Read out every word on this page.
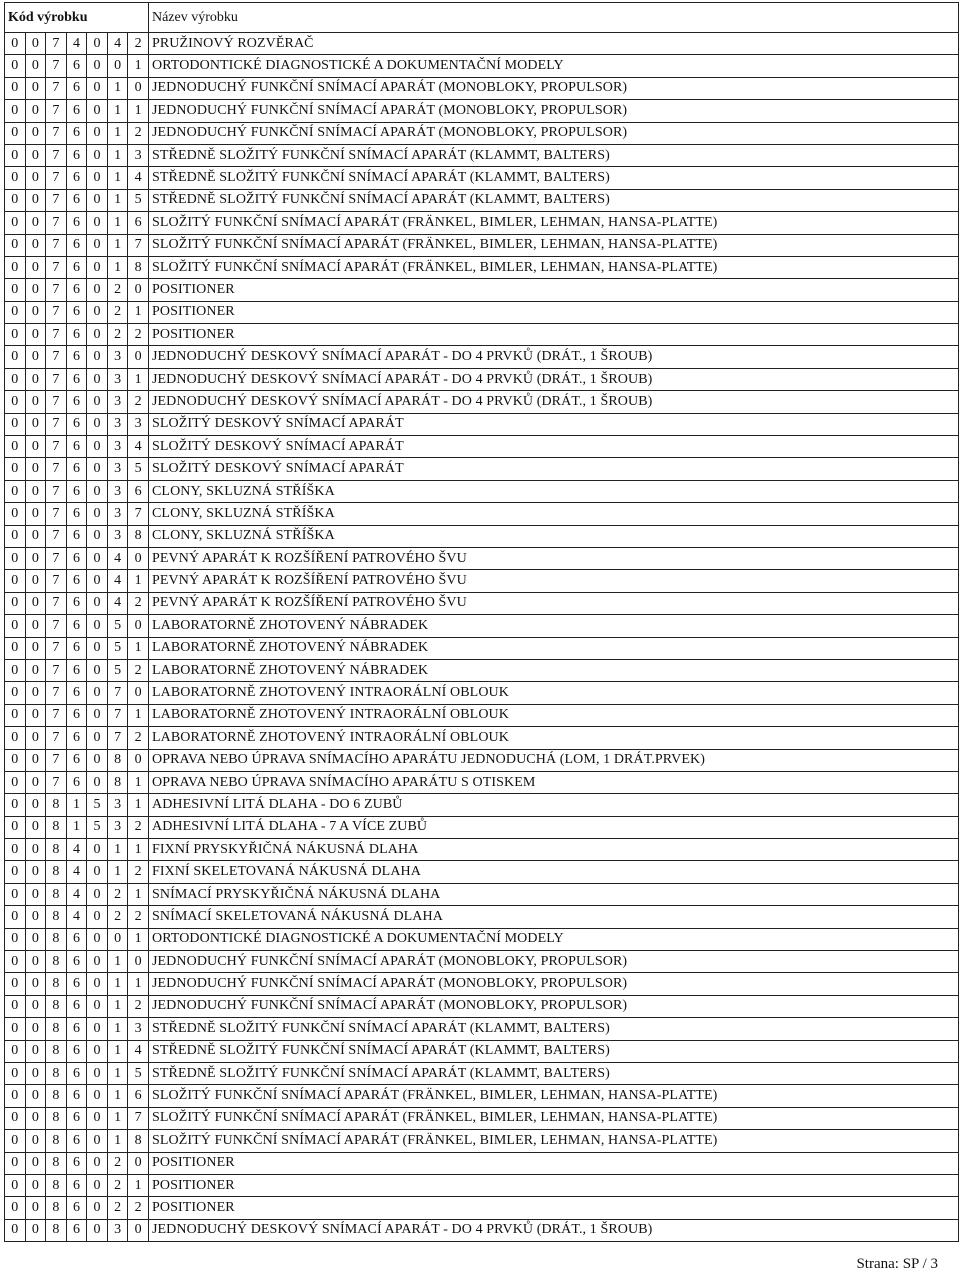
Kód výrobku							Název výrobku
0	0	7	4	0	4	2	PRUŽINOVÝ ROZVĚRAČ
0	0	7	6	0	0	1	ORTODONTICKÉ DIAGNOSTICKÉ A DOKUMENTAČNÍ MODELY
0	0	7	6	0	1	0	JEDNODUCHÝ FUNKČNÍ SNÍMACÍ APARÁT (MONOBLOKY, PROPULSOR)
0	0	7	6	0	1	1	JEDNODUCHÝ FUNKČNÍ SNÍMACÍ APARÁT (MONOBLOKY, PROPULSOR)
0	0	7	6	0	1	2	JEDNODUCHÝ FUNKČNÍ SNÍMACÍ APARÁT (MONOBLOKY, PROPULSOR)
0	0	7	6	0	1	3	STŘEDNĚ SLOŽITÝ FUNKČNÍ SNÍMACÍ APARÁT (KLAMMT, BALTERS)
0	0	7	6	0	1	4	STŘEDNĚ SLOŽITÝ FUNKČNÍ SNÍMACÍ APARÁT (KLAMMT, BALTERS)
0	0	7	6	0	1	5	STŘEDNĚ SLOŽITÝ FUNKČNÍ SNÍMACÍ APARÁT (KLAMMT, BALTERS)
0	0	7	6	0	1	6	SLOŽITÝ FUNKČNÍ SNÍMACÍ APARÁT (FRÄNKEL, BIMLER, LEHMAN, HANSA-PLATTE)
0	0	7	6	0	1	7	SLOŽITÝ FUNKČNÍ SNÍMACÍ APARÁT (FRÄNKEL, BIMLER, LEHMAN, HANSA-PLATTE)
0	0	7	6	0	1	8	SLOŽITÝ FUNKČNÍ SNÍMACÍ APARÁT (FRÄNKEL, BIMLER, LEHMAN, HANSA-PLATTE)
0	0	7	6	0	2	0	POSITIONER
0	0	7	6	0	2	1	POSITIONER
0	0	7	6	0	2	2	POSITIONER
0	0	7	6	0	3	0	JEDNODUCHÝ DESKOVÝ SNÍMACÍ APARÁT - DO 4 PRVKŮ (DRÁT., 1 ŠROUB)
0	0	7	6	0	3	1	JEDNODUCHÝ DESKOVÝ SNÍMACÍ APARÁT - DO 4 PRVKŮ (DRÁT., 1 ŠROUB)
0	0	7	6	0	3	2	JEDNODUCHÝ DESKOVÝ SNÍMACÍ APARÁT - DO 4 PRVKŮ (DRÁT., 1 ŠROUB)
0	0	7	6	0	3	3	SLOŽITÝ DESKOVÝ SNÍMACÍ APARÁT
0	0	7	6	0	3	4	SLOŽITÝ DESKOVÝ SNÍMACÍ APARÁT
0	0	7	6	0	3	5	SLOŽITÝ DESKOVÝ SNÍMACÍ APARÁT
0	0	7	6	0	3	6	CLONY, SKLUZNÁ STŘÍŠKA
0	0	7	6	0	3	7	CLONY, SKLUZNÁ STŘÍŠKA
0	0	7	6	0	3	8	CLONY, SKLUZNÁ STŘÍŠKA
0	0	7	6	0	4	0	PEVNÝ APARÁT K ROZŠÍŘENÍ PATROVÉHO ŠVU
0	0	7	6	0	4	1	PEVNÝ APARÁT K ROZŠÍŘENÍ PATROVÉHO ŠVU
0	0	7	6	0	4	2	PEVNÝ APARÁT K ROZŠÍŘENÍ PATROVÉHO ŠVU
0	0	7	6	0	5	0	LABORATORNĚ ZHOTOVENÝ NÁBRADEK
0	0	7	6	0	5	1	LABORATORNĚ ZHOTOVENÝ NÁBRADEK
0	0	7	6	0	5	2	LABORATORNĚ ZHOTOVENÝ NÁBRADEK
0	0	7	6	0	7	0	LABORATORNĚ ZHOTOVENÝ INTRAORÁLNÍ OBLOUK
0	0	7	6	0	7	1	LABORATORNĚ ZHOTOVENÝ INTRAORÁLNÍ OBLOUK
0	0	7	6	0	7	2	LABORATORNĚ ZHOTOVENÝ INTRAORÁLNÍ OBLOUK
0	0	7	6	0	8	0	OPRAVA NEBO ÚPRAVA SNÍMACÍHO APARÁTU JEDNODUCHÁ (LOM, 1 DRÁT.PRVEK)
0	0	7	6	0	8	1	OPRAVA NEBO ÚPRAVA SNÍMACÍHO APARÁTU S OTISKEM
0	0	8	1	5	3	1	ADHESIVNÍ LITÁ DLAHA - DO 6 ZUBŮ
0	0	8	1	5	3	2	ADHESIVNÍ LITÁ DLAHA - 7 A VÍCE ZUBŮ
0	0	8	4	0	1	1	FIXNÍ PRYSKYŘIČNÁ NÁKUSNÁ DLAHA
0	0	8	4	0	1	2	FIXNÍ SKELETOVANÁ NÁKUSNÁ DLAHA
0	0	8	4	0	2	1	SNÍMACÍ PRYSKYŘIČNÁ NÁKUSNÁ DLAHA
0	0	8	4	0	2	2	SNÍMACÍ SKELETOVANÁ NÁKUSNÁ DLAHA
0	0	8	6	0	0	1	ORTODONTICKÉ DIAGNOSTICKÉ A DOKUMENTAČNÍ MODELY
0	0	8	6	0	1	0	JEDNODUCHÝ FUNKČNÍ SNÍMACÍ APARÁT (MONOBLOKY, PROPULSOR)
0	0	8	6	0	1	1	JEDNODUCHÝ FUNKČNÍ SNÍMACÍ APARÁT (MONOBLOKY, PROPULSOR)
0	0	8	6	0	1	2	JEDNODUCHÝ FUNKČNÍ SNÍMACÍ APARÁT (MONOBLOKY, PROPULSOR)
0	0	8	6	0	1	3	STŘEDNĚ SLOŽITÝ FUNKČNÍ SNÍMACÍ APARÁT (KLAMMT, BALTERS)
0	0	8	6	0	1	4	STŘEDNĚ SLOŽITÝ FUNKČNÍ SNÍMACÍ APARÁT (KLAMMT, BALTERS)
0	0	8	6	0	1	5	STŘEDNĚ SLOŽITÝ FUNKČNÍ SNÍMACÍ APARÁT (KLAMMT, BALTERS)
0	0	8	6	0	1	6	SLOŽITÝ FUNKČNÍ SNÍMACÍ APARÁT (FRÄNKEL, BIMLER, LEHMAN, HANSA-PLATTE)
0	0	8	6	0	1	7	SLOŽITÝ FUNKČNÍ SNÍMACÍ APARÁT (FRÄNKEL, BIMLER, LEHMAN, HANSA-PLATTE)
0	0	8	6	0	1	8	SLOŽITÝ FUNKČNÍ SNÍMACÍ APARÁT (FRÄNKEL, BIMLER, LEHMAN, HANSA-PLATTE)
0	0	8	6	0	2	0	POSITIONER
0	0	8	6	0	2	1	POSITIONER
0	0	8	6	0	2	2	POSITIONER
0	0	8	6	0	3	0	JEDNODUCHÝ DESKOVÝ SNÍMACÍ APARÁT - DO 4 PRVKŮ (DRÁT., 1 ŠROUB)
Strana: SP / 3
